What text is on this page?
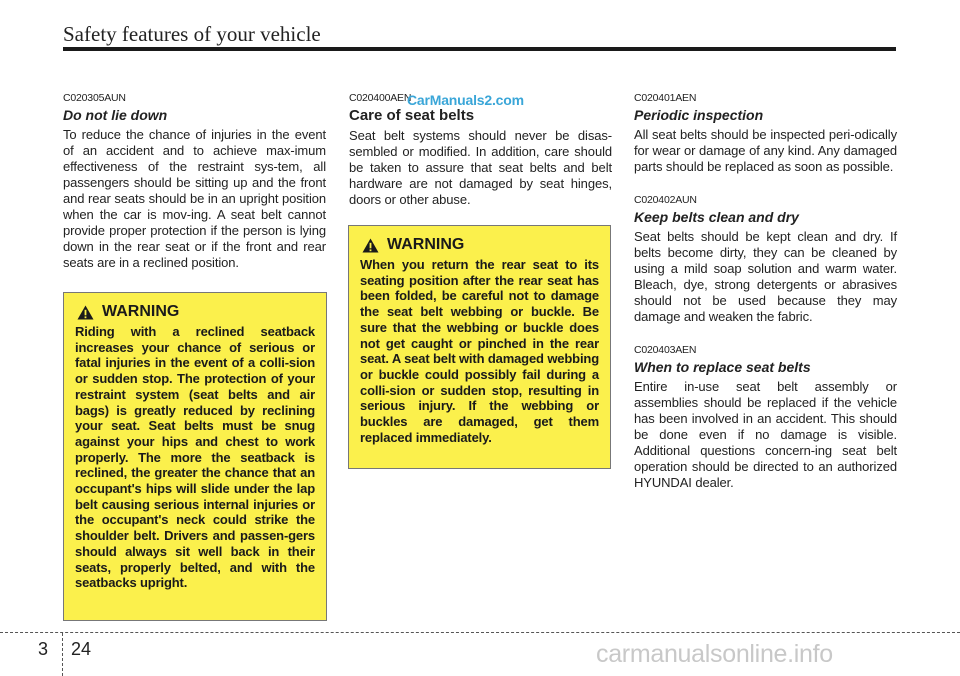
Safety features of your vehicle

C020305AUN

Do not lie down

To reduce the chance of injuries in the event of an accident and to achieve max-imum effectiveness of the restraint sys-tem, all passengers should be sitting up and the front and rear seats should be in an upright position when the car is mov-ing. A seat belt cannot provide proper protection if the person is lying down in the rear seat or if the front and rear seats are in a reclined position.

WARNING

Riding with a reclined seatback increases your chance of serious or fatal injuries in the event of a colli-sion or sudden stop. The protection of your restraint system (seat belts and air bags) is greatly reduced by reclining your seat. Seat belts must be snug against your hips and chest to work properly. The more the seatback is reclined, the greater the chance that an occupant's hips will slide under the lap belt causing serious internal injuries or the occupant's neck could strike the shoulder belt. Drivers and passen-gers should always sit well back in their seats, properly belted, and with the seatbacks upright.

C020400AEN

Care of seat belts

Seat belt systems should never be disas-sembled or modified. In addition, care should be taken to assure that seat belts and belt hardware are not damaged by seat hinges, doors or other abuse.

CarManuals2.com
WARNING

When you return the rear seat to its seating position after the rear seat has been folded, be careful not to damage the seat belt webbing or buckle. Be sure that the webbing or buckle does not get caught or pinched in the rear seat. A seat belt with damaged webbing or buckle could possibly fail during a colli-sion or sudden stop, resulting in serious injury. If the webbing or buckles are damaged, get them replaced immediately.

C020401AEN

Periodic inspection

All seat belts should be inspected peri-odically for wear or damage of any kind. Any damaged parts should be replaced as soon as possible.

C020402AUN

Keep belts clean and dry

Seat belts should be kept clean and dry. If belts become dirty, they can be cleaned by using a mild soap solution and warm water. Bleach, dye, strong detergents or abrasives should not be used because they may damage and weaken the fabric.

C020403AEN

When to replace seat belts

Entire in-use seat belt assembly or assemblies should be replaced if the vehicle has been involved in an accident. This should be done even if no damage is visible. Additional questions concern-ing seat belt operation should be directed to an authorized HYUNDAI dealer.

3 24	carmanualsonline.info
